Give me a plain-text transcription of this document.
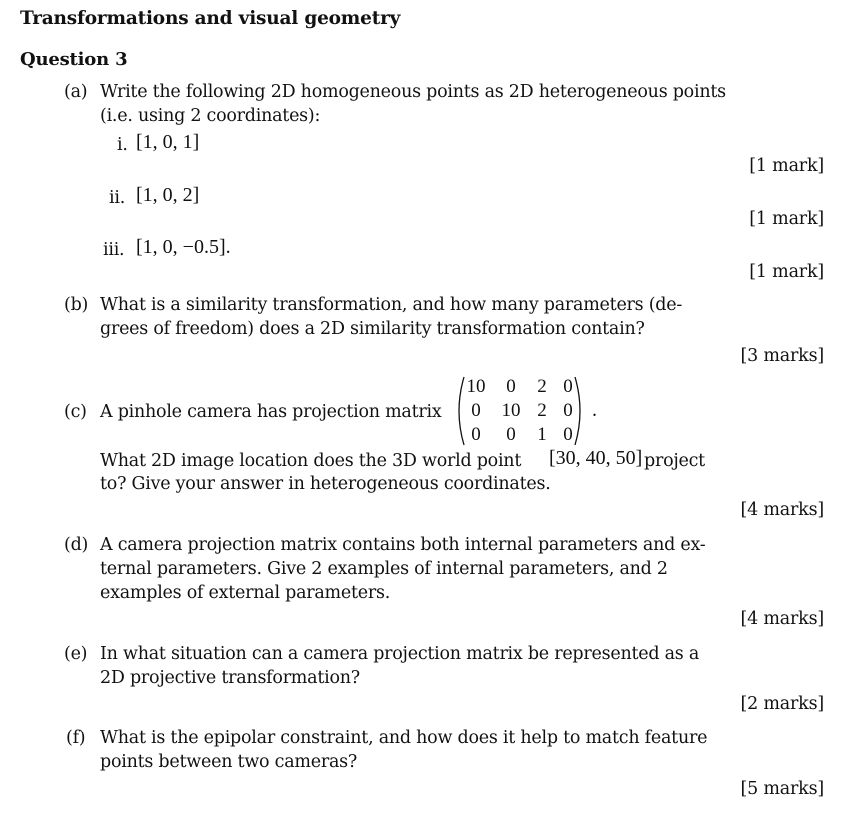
Transformations and visual geometry
Question 3
(a) Write the following 2D homogeneous points as 2D heterogeneous points
(i.e. using 2 coordinates):
i. [1, 0, 1]
[1 mark]
ii. [1, 0, 2]
[1 mark]
iii. [1, 0, −0.5].
[1 mark]
(b) What is a similarity transformation, and how many parameters (de-
grees of freedom) does a 2D similarity transformation contain?
[3 marks]
(c) A pinhole camera has projection matrix
10	0	2 0
0	10 2 0
0	0	1 0
.
What 2D image location does the 3D world point [30, 40, 50] project
to? Give your answer in heterogeneous coordinates.
[4 marks]
(d) A camera projection matrix contains both internal parameters and ex-
ternal parameters. Give 2 examples of internal parameters, and 2
examples of external parameters.
[4 marks]
(e) In what situation can a camera projection matrix be represented as a
2D projective transformation?
[2 marks]
(f) What is the epipolar constraint, and how does it help to match feature
points between two cameras?
[5 marks]
